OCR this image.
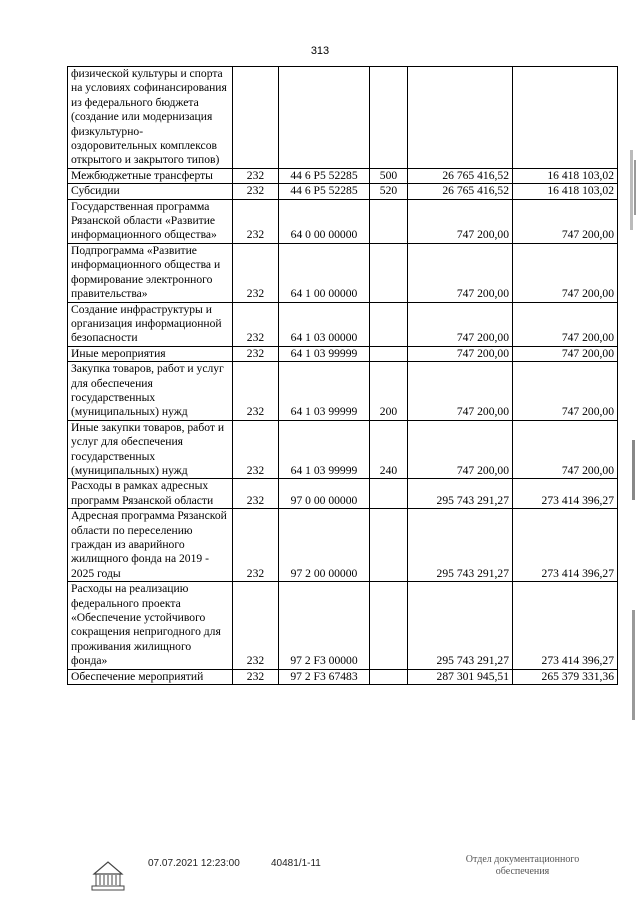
313
физической культуры и спорта на условиях софинансирования из федерального бюджета (создание или модернизация физкультурно-оздоровительных комплексов открытого и закрытого типов)					
Межбюджетные трансферты	232	44 6 P5 52285	500	26 765 416,52	16 418 103,02
Субсидии	232	44 6 P5 52285	520	26 765 416,52	16 418 103,02
Государственная программа Рязанской области «Развитие информационного общества»	232	64 0 00 00000		747 200,00	747 200,00
Подпрограмма «Развитие информационного общества и формирование электронного правительства»	232	64 1 00 00000		747 200,00	747 200,00
Создание инфраструктуры и организация информационной безопасности	232	64 1 03 00000		747 200,00	747 200,00
Иные мероприятия	232	64 1 03 99999		747 200,00	747 200,00
Закупка товаров, работ и услуг для обеспечения государственных (муниципальных) нужд	232	64 1 03 99999	200	747 200,00	747 200,00
Иные закупки товаров, работ и услуг для обеспечения государственных (муниципальных) нужд	232	64 1 03 99999	240	747 200,00	747 200,00
Расходы в рамках адресных программ Рязанской области	232	97 0 00 00000		295 743 291,27	273 414 396,27
Адресная программа Рязанской области по переселению граждан из аварийного жилищного фонда на 2019 - 2025 годы	232	97 2 00 00000		295 743 291,27	273 414 396,27
Расходы на реализацию федерального проекта «Обеспечение устойчивого сокращения непригодного для проживания жилищного фонда»	232	97 2 F3 00000		295 743 291,27	273 414 396,27
Обеспечение мероприятий	232	97 2 F3 67483		287 301 945,51	265 379 331,36
07.07.2021 12:23:00	40481/1-11	Отдел документационного
обеспечения
